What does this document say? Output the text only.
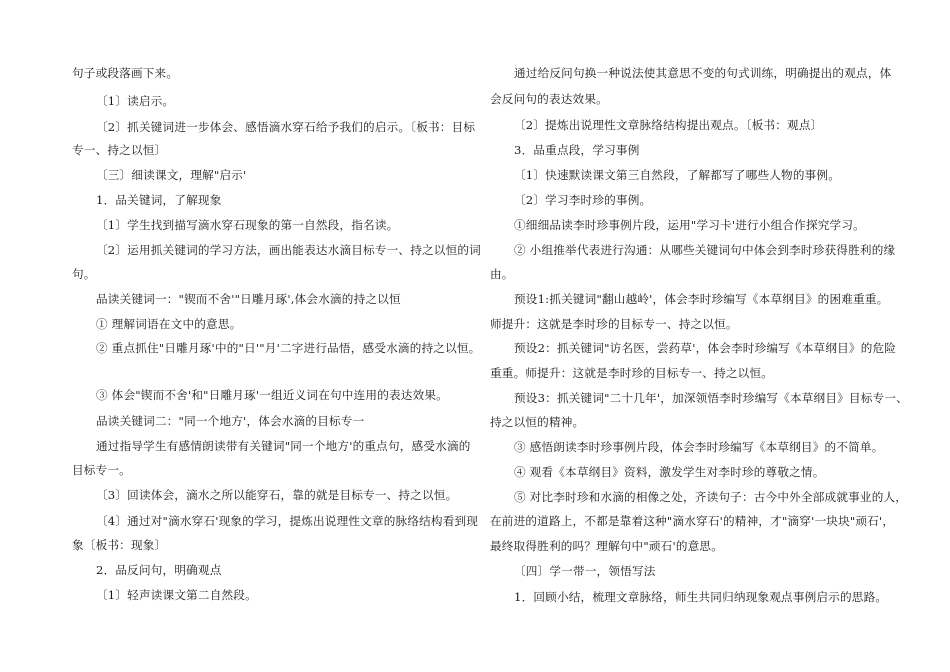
句子或段落画下来。
〔1〕读启示。
〔2〕抓关键词进一步体会、感悟滴水穿石给予我们的启示。〔板书：目标
专一、持之以恒〕
〔三〕细读课文，理解"启示'
1．品关键词，了解现象
〔1〕学生找到描写滴水穿石现象的第一自然段，指名读。
〔2〕运用抓关键词的学习方法，画出能表达水滴目标专一、持之以恒的词
句。
品读关键词一："锲而不舍'"日雕月琢',体会水滴的持之以恒
① 理解词语在文中的意思。
② 重点抓住"日雕月琢'中的"日'"月'二字进行品悟，感受水滴的持之以恒。
③ 体会"锲而不舍'和"日雕月琢'一组近义词在句中连用的表达效果。
品读关键词二："同一个地方'，体会水滴的目标专一
通过指导学生有感情朗读带有关键词"同一个地方'的重点句，感受水滴的
目标专一。
〔3〕回读体会，滴水之所以能穿石，靠的就是目标专一、持之以恒。
〔4〕通过对"滴水穿石'现象的学习，提炼出说理性文章的脉络结构看到现
象〔板书：现象〕
2．品反问句，明确观点
〔1〕轻声读课文第二自然段。
通过给反问句换一种说法使其意思不变的句式训练，明确提出的观点，体
会反问句的表达效果。
〔2〕提炼出说理性文章脉络结构提出观点。〔板书：观点〕
3．品重点段，学习事例
〔1〕快速默读课文第三自然段，了解都写了哪些人物的事例。
〔2〕学习李时珍的事例。
①细细品读李时珍事例片段，运用"学习卡'进行小组合作探究学习。
② 小组推举代表进行沟通：从哪些关键词句中体会到李时珍获得胜利的缘
由。
预设1:抓关键词"翻山越岭'，体会李时珍编写《本草纲目》的困难重重。
师提升：这就是李时珍的目标专一、持之以恒。
预设2：抓关键词"访名医，尝药草'，体会李时珍编写《本草纲目》的危险
重重。师提升：这就是李时珍的目标专一、持之以恒。
预设3：抓关键词"二十几年'，加深领悟李时珍编写《本草纲目》目标专一、
持之以恒的精神。
③ 感悟朗读李时珍事例片段，体会李时珍编写《本草纲目》的不简单。
④ 观看《本草纲目》资料，激发学生对李时珍的尊敬之情。
⑤ 对比李时珍和水滴的相像之处，齐读句子：古今中外全部成就事业的人，
在前进的道路上，不都是靠着这种"滴水穿石'的精神，才"滴穿'一块块"顽石'，
最终取得胜利的吗？理解句中"顽石'的意思。
〔四〕学一带一，领悟写法
1．回顾小结，梳理文章脉络，师生共同归纳现象观点事例启示的思路。
